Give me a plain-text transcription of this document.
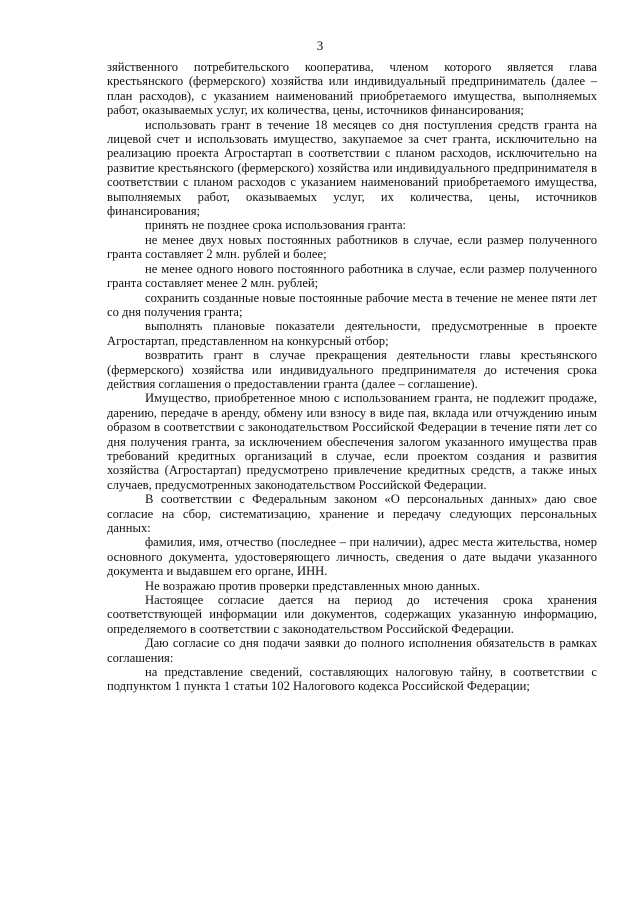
3

зяйственного потребительского кооператива, членом которого является глава крестьянского (фермерского) хозяйства или индивидуальный предприниматель (далее – план расходов), с указанием наименований приобретаемого имущества, выполняемых работ, оказываемых услуг, их количества, цены, источников финансирования;

использовать грант в течение 18 месяцев со дня поступления средств гранта на лицевой счет и использовать имущество, закупаемое за счет гранта, исключительно на реализацию проекта Агростартап в соответствии с планом расходов, исключительно на развитие крестьянского (фермерского) хозяйства или индивидуального предпринимателя в соответствии с планом расходов с указанием наименований приобретаемого имущества, выполняемых работ, оказываемых услуг, их количества, цены, источников финансирования;

принять не позднее срока использования гранта:

не менее двух новых постоянных работников в случае, если размер полученного гранта составляет 2 млн. рублей и более;

не менее одного нового постоянного работника в случае, если размер полученного гранта составляет менее 2 млн. рублей;

сохранить созданные новые постоянные рабочие места в течение не менее пяти лет со дня получения гранта;

выполнять плановые показатели деятельности, предусмотренные в проекте Агростартап, представленном на конкурсный отбор;

возвратить грант в случае прекращения деятельности главы крестьянского (фермерского) хозяйства или индивидуального предпринимателя до истечения срока действия соглашения о предоставлении гранта (далее – соглашение).

Имущество, приобретенное мною с использованием гранта, не подлежит продаже, дарению, передаче в аренду, обмену или взносу в виде пая, вклада или отчуждению иным образом в соответствии с законодательством Российской Федерации в течение пяти лет со дня получения гранта, за исключением обеспечения залогом указанного имущества прав требований кредитных организаций в случае, если проектом создания и развития хозяйства (Агростартап) предусмотрено привлечение кредитных средств, а также иных случаев, предусмотренных законодательством Российской Федерации.

В соответствии с Федеральным законом «О персональных данных» даю свое согласие на сбор, систематизацию, хранение и передачу следующих персональных данных:

фамилия, имя, отчество (последнее – при наличии), адрес места жительства, номер основного документа, удостоверяющего личность, сведения о дате выдачи указанного документа и выдавшем его органе, ИНН.

Не возражаю против проверки представленных мною данных.

Настоящее согласие дается на период до истечения срока хранения соответствующей информации или документов, содержащих указанную информацию, определяемого в соответствии с законодательством Российской Федерации.

Даю согласие со дня подачи заявки до полного исполнения обязательств в рамках соглашения:

на представление сведений, составляющих налоговую тайну, в соответствии с подпунктом 1 пункта 1 статьи 102 Налогового кодекса Российской Федерации;
